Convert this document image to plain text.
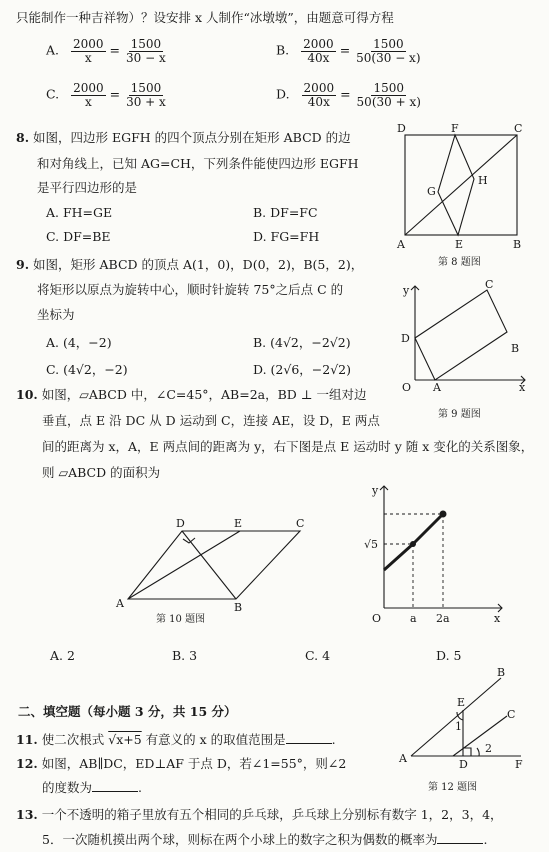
只能制作一种吉祥物）？设安排 x 人制作“冰墩墩”，由题意可得方程
A. $\frac{2000}{x} = \frac{1500}{30 - x}$	B. $\frac{2000}{40x} = \frac{1500}{50(30 - x)}$
C. $\frac{2000}{x} = \frac{1500}{30 + x}$	D. $\frac{2000}{40x} = \frac{1500}{50(30 + x)}$
8. 如图，四边形 EGFH 的四个顶点分别在矩形 ABCD 的边
和对角线上，已知 AG=CH，下列条件能使四边形 EGFH
是平行四边形的是
A. FH=GE	B. DF=FC
C. DF=BE	D. FG=FH
D	F	C
G
H
A	E	B
第 8 题图
9. 如图，矩形 ABCD 的顶点 A(1，0)，D(0，2)，B(5，2)，
将矩形以原点为旋转中心，顺时针旋转 75°之后点 C 的
坐标为
A. (4，−2)	B. (4√2，−2√2)
C. (4√2，−2)	D. (2√6，−2√2)
y	C
D
B
O A	x
第 9 题图
10. 如图，▱ABCD 中，∠C=45°，AB=2a，BD ⊥ 一组对边
垂直，点 E 沿 DC 从 D 运动到 C，连接 AE，设 D，E 两点
间的距离为 x，A，E 两点间的距离为 y，右下图是点 E 运动时 y 随 x 变化的关系图象，
则 ▱ABCD 的面积为
D	E	C
A	B
第 10 题图
y
√5
O	a 2a	x
A. 2	B. 3	C. 4	D. 5
二、填空题（每小题 3 分，共 15 分）
11. 使二次根式 √x+5 有意义的 x 的取值范围是	.
12. 如图，AB∥DC，ED⊥AF 于点 D，若∠1=55°，则∠2
的度数为	.
B
E
C
1
2
A	D	F
第 12 题图
13. 一个不透明的箱子里放有五个相同的乒乓球，乒乓球上分别标有数字 1，2，3，4，
5．一次随机摸出两个球，则标在两个小球上的数字之积为偶数的概率为	.
